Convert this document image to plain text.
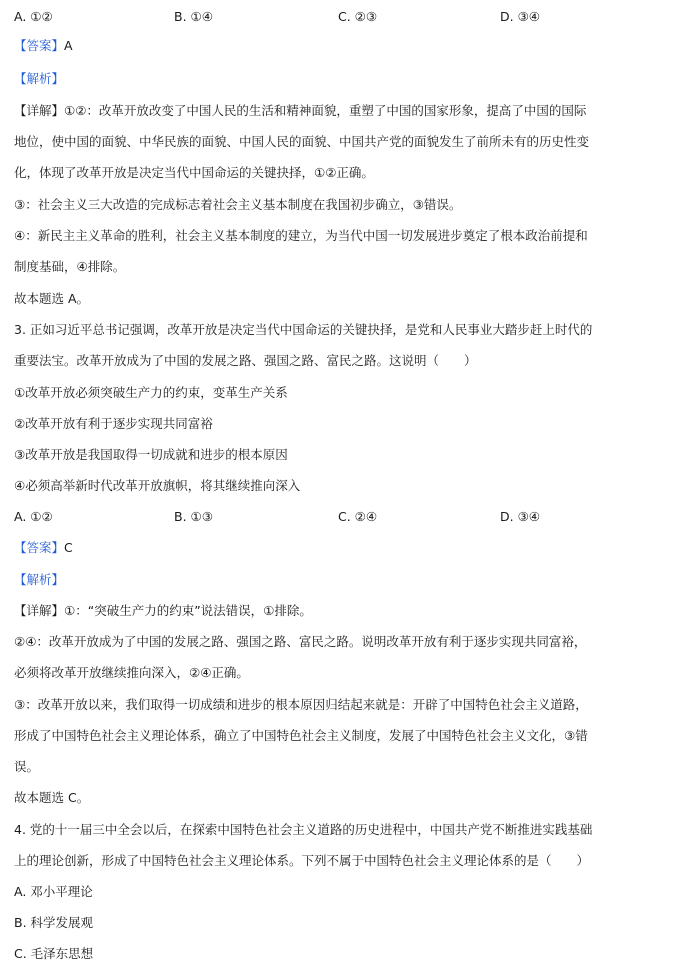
A. ①②	B. ①④	C. ②③	D. ③④
【答案】A
【解析】
【详解】①②：改革开放改变了中国人民的生活和精神面貌，重塑了中国的国家形象，提高了中国的国际
地位，使中国的面貌、中华民族的面貌、中国人民的面貌、中国共产党的面貌发生了前所未有的历史性变
化，体现了改革开放是决定当代中国命运的关键抉择，①②正确。
③：社会主义三大改造的完成标志着社会主义基本制度在我国初步确立，③错误。
④：新民主主义革命的胜利，社会主义基本制度的建立，为当代中国一切发展进步奠定了根本政治前提和
制度基础，④排除。
故本题选 A。
3. 正如习近平总书记强调，改革开放是决定当代中国命运的关键抉择，是党和人民事业大踏步赶上时代的
重要法宝。改革开放成为了中国的发展之路、强国之路、富民之路。这说明（　　）
①改革开放必须突破生产力的约束，变革生产关系
②改革开放有利于逐步实现共同富裕
③改革开放是我国取得一切成就和进步的根本原因
④必须高举新时代改革开放旗帜，将其继续推向深入
A. ①②	B. ①③	C. ②④	D. ③④
【答案】C
【解析】
【详解】①：“突破生产力的约束”说法错误，①排除。
②④：改革开放成为了中国的发展之路、强国之路、富民之路。说明改革开放有利于逐步实现共同富裕，
必须将改革开放继续推向深入，②④正确。
③：改革开放以来，我们取得一切成绩和进步的根本原因归结起来就是：开辟了中国特色社会主义道路，
形成了中国特色社会主义理论体系，确立了中国特色社会主义制度，发展了中国特色社会主义文化，③错
误。
故本题选 C。
4. 党的十一届三中全会以后，在探索中国特色社会主义道路的历史进程中，中国共产党不断推进实践基础
上的理论创新，形成了中国特色社会主义理论体系。下列不属于中国特色社会主义理论体系的是（　　）
A. 邓小平理论
B. 科学发展观
C. 毛泽东思想
